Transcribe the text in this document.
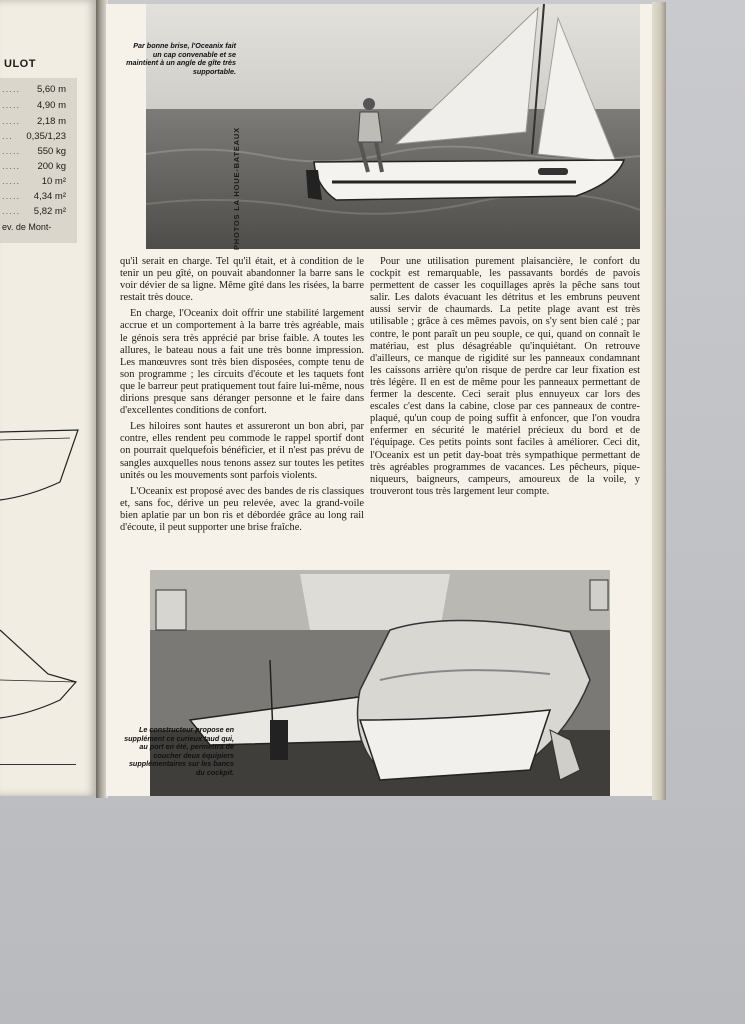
ULOT
..... 5,60 m
..... 4,90 m
..... 2,18 m
... 0,35/1,23
..... 550 kg
..... 200 kg
..... 10 m²
..... 4,34 m²
..... 5,82 m²
ev. de Mont-
Par bonne brise, l'Oceanix fait un cap convenable et se maintient à un angle de gîte très supportable.
PHOTOS LA HOUE-BATEAUX

qu'il serait en charge. Tel qu'il était, et à condition de le tenir un peu gîté, on pouvait abandonner la barre sans le voir dévier de sa ligne. Même gîté dans les risées, la barre restait très douce.

En charge, l'Oceanix doit offrir une stabilité largement accrue et un comportement à la barre très agréable, mais le génois sera très apprécié par brise faible. A toutes les allures, le bateau nous a fait une très bonne impression. Les manœuvres sont très bien disposées, compte tenu de son programme ; les circuits d'écoute et les taquets font que le barreur peut pratiquement tout faire lui-même, nous dirions presque sans déranger personne et le faire dans d'excellentes conditions de confort.

Les hiloires sont hautes et assureront un bon abri, par contre, elles rendent peu commode le rappel sportif dont on pourrait quelquefois bénéficier, et il n'est pas prévu de sangles auxquelles nous tenons assez sur toutes les petites unités ou les mouvements sont parfois violents.

L'Oceanix est proposé avec des bandes de ris classiques et, sans foc, dérive un peu relevée, avec la grand-voile bien aplatie par un bon ris et débordée grâce au long rail d'écoute, il peut supporter une brise fraîche.

Pour une utilisation purement plaisancière, le confort du cockpit est remarquable, les passavants bordés de pavois permettent de casser les coquillages après la pêche sans tout salir. Les dalots évacuant les détritus et les embruns peuvent aussi servir de chaumards. La petite plage avant est très utilisable ; grâce à ces mêmes pavois, on s'y sent bien calé ; par contre, le pont paraît un peu souple, ce qui, quand on connaît le matériau, est plus désagréable qu'inquiétant. On retrouve d'ailleurs, ce manque de rigidité sur les panneaux condamnant les caissons arrière qu'on risque de perdre car leur fixation est très légère. Il en est de même pour les panneaux permettant de fermer la descente. Ceci serait plus ennuyeux car lors des escales c'est dans la cabine, close par ces panneaux de contre-plaqué, qu'un coup de poing suffit à enfoncer, que l'on voudra enfermer en sécurité le matériel précieux du bord et de l'équipage. Ces petits points sont faciles à améliorer. Ceci dit, l'Oceanix est un petit day-boat très sympathique permettant de très agréables programmes de vacances. Les pêcheurs, pique-niqueurs, baigneurs, campeurs, amoureux de la voile, y trouveront tous très largement leur compte.

Le constructeur propose en supplément ce curieux taud qui, au port en été, permettra de coucher deux équipiers supplémentaires sur les bancs du cockpit.
